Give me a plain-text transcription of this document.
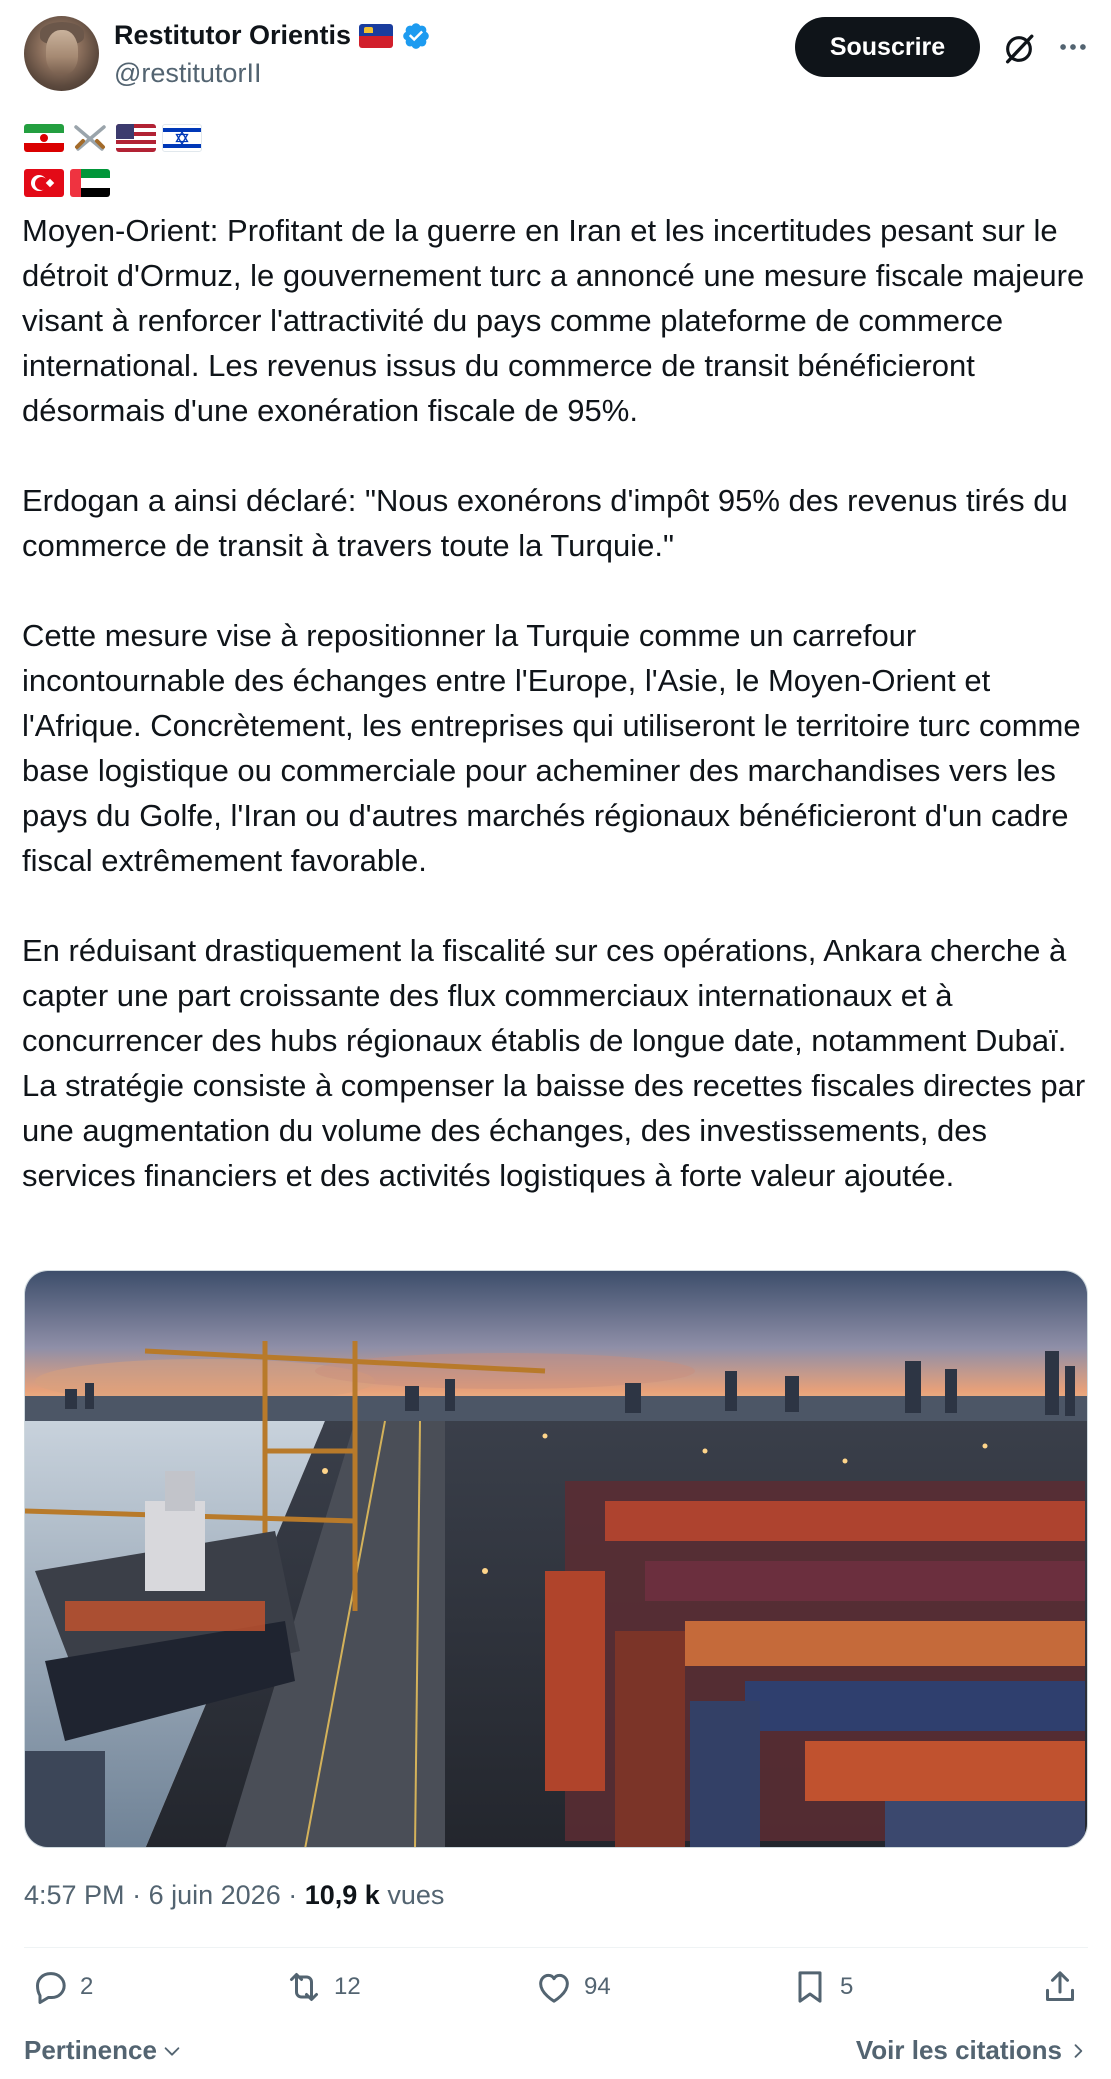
Restitutor Orientis
@restitutorII
Souscrire
Moyen-Orient: Profitant de la guerre en Iran et les incertitudes pesant sur le détroit d'Ormuz, le gouvernement turc a annoncé une mesure fiscale majeure visant à renforcer l'attractivité du pays comme plateforme de commerce international. Les revenus issus du commerce de transit bénéficieront désormais d'une exonération fiscale de 95%.

Erdogan a ainsi déclaré: "Nous exonérons d'impôt 95% des revenus tirés du commerce de transit à travers toute la Turquie."

Cette mesure vise à repositionner la Turquie comme un carrefour incontournable des échanges entre l'Europe, l'Asie, le Moyen-Orient et l'Afrique. Concrètement, les entreprises qui utiliseront le territoire turc comme base logistique ou commerciale pour acheminer des marchandises vers les pays du Golfe, l'Iran ou d'autres marchés régionaux bénéficieront d'un cadre fiscal extrêmement favorable.

En réduisant drastiquement la fiscalité sur ces opérations, Ankara cherche à capter une part croissante des flux commerciaux internationaux et à concurrencer des hubs régionaux établis de longue date, notamment Dubaï. La stratégie consiste à compenser la baisse des recettes fiscales directes par une augmentation du volume des échanges, des investissements, des services financiers et des activités logistiques à forte valeur ajoutée.
4:57 PM · 6 juin 2026 · 10,9 k vues
2	12	94	5
Pertinence	Voir les citations
